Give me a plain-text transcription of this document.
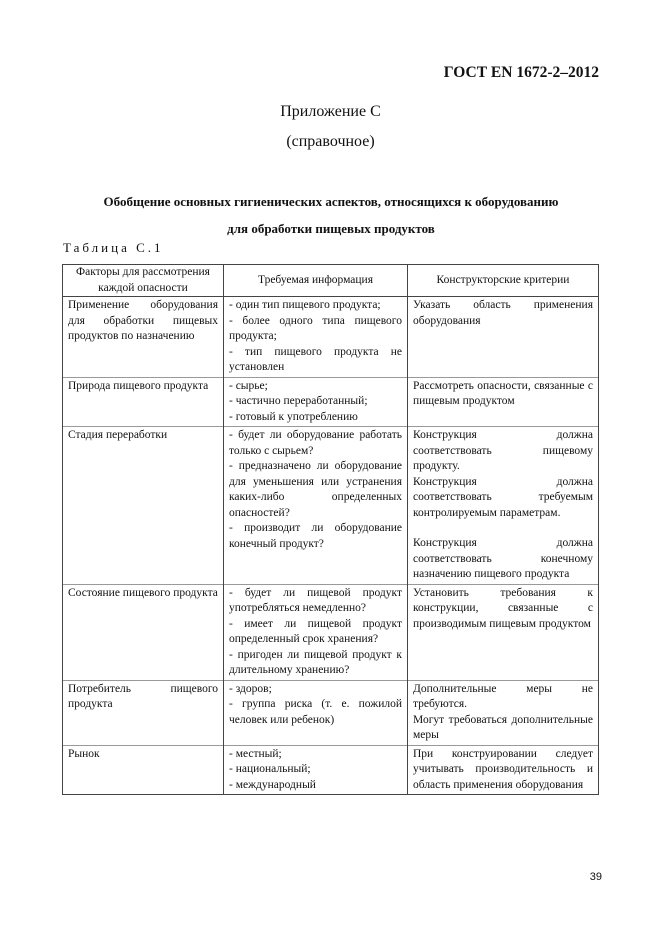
ГОСТ EN 1672-2–2012
Приложение С
(справочное)
Обобщение основных гигиенических аспектов, относящихся к оборудованию
для обработки пищевых продуктов
Таблица С.1
Факторы для рассмотрения каждой опасности	Требуемая информация	Конструкторские критерии
Применение оборудования для обработки пищевых продуктов по назначению	- один тип пищевого продукта;
- более одного типа пищевого продукта;
- тип пищевого продукта не установлен	Указать область применения оборудования

Природа пищевого продукта	- сырье;
- частично переработанный;
- готовый к употреблению	Рассмотреть опасности, связанные с пищевым продуктом

Стадия переработки	- будет ли оборудование работать только с сырьем?
- предназначено ли оборудование для уменьшения или устранения каких-либо определенных опасностей?
- производит ли оборудование конечный продукт?	Конструкция должна соответствовать пищевому продукту.
Конструкция должна соответствовать требуемым контролируемым параметрам.
Конструкция должна соответствовать конечному назначению пищевого продукта

Состояние пищевого продукта	- будет ли пищевой продукт употребляться немедленно?
- имеет ли пищевой продукт определенный срок хранения?
- пригоден ли пищевой продукт к длительному хранению?	Установить требования к конструкции, связанные с производимым пищевым продуктом

Потребитель пищевого продукта	- здоров;
- группа риска (т. е. пожилой человек или ребенок)	Дополнительные меры не требуются.
Могут требоваться дополнительные меры

Рынок	- местный;
- национальный;
- международный	При конструировании следует учитывать производительность и область применения оборудования
39
